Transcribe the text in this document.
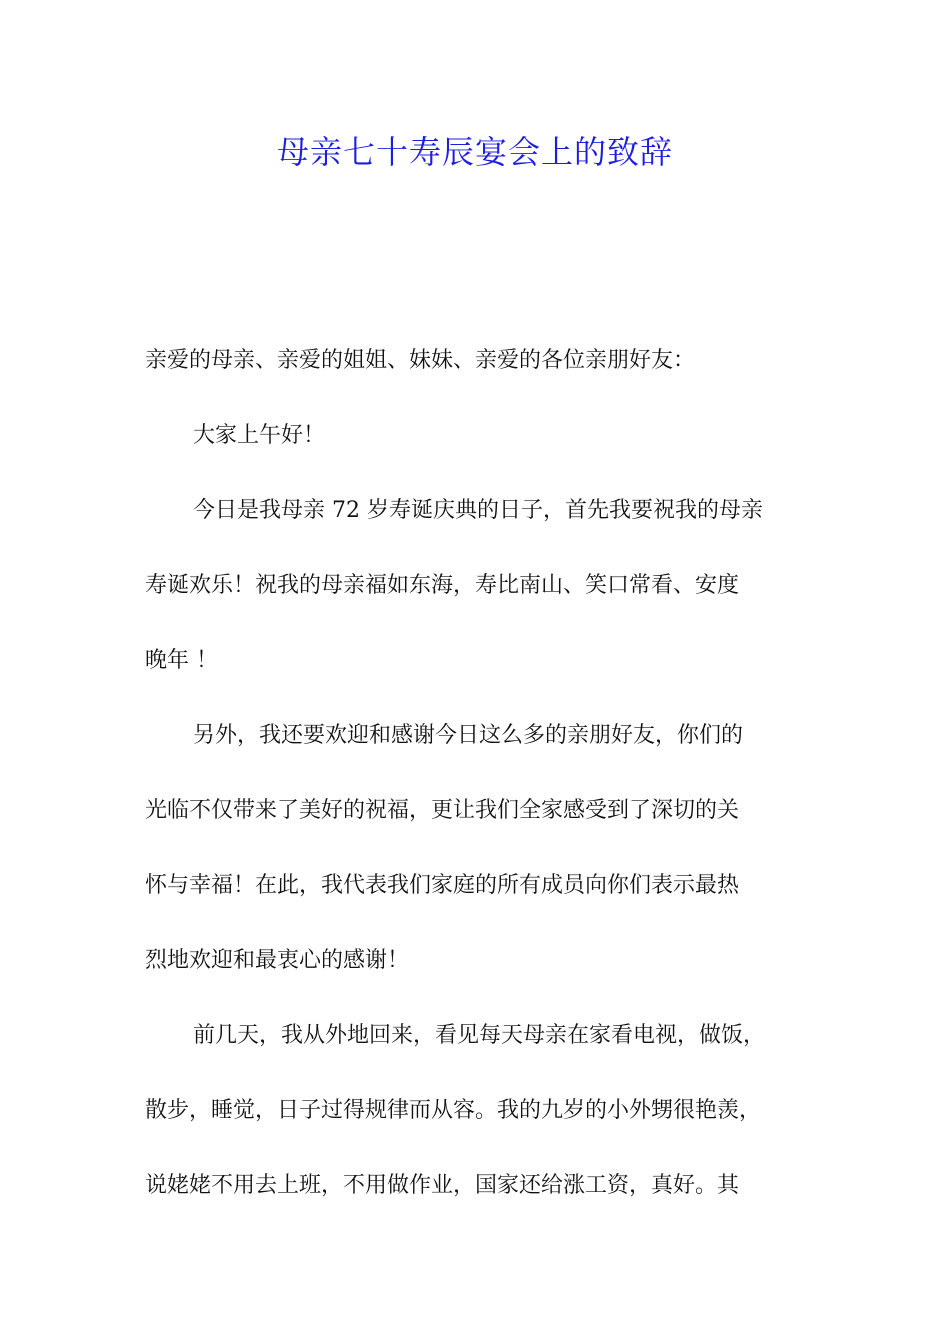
母亲七十寿辰宴会上的致辞
亲爱的母亲、亲爱的姐姐、妹妹、亲爱的各位亲朋好友：
大家上午好！
今日是我母亲 72 岁寿诞庆典的日子，首先我要祝我的母亲
寿诞欢乐！祝我的母亲福如东海，寿比南山、笑口常看、安度
晚年 ！
另外，我还要欢迎和感谢今日这么多的亲朋好友，你们的
光临不仅带来了美好的祝福，更让我们全家感受到了深切的关
怀与幸福！在此，我代表我们家庭的所有成员向你们表示最热
烈地欢迎和最衷心的感谢！
前几天，我从外地回来，看见每天母亲在家看电视，做饭，
散步，睡觉，日子过得规律而从容。我的九岁的小外甥很艳羡，
说姥姥不用去上班，不用做作业，国家还给涨工资，真好。其
